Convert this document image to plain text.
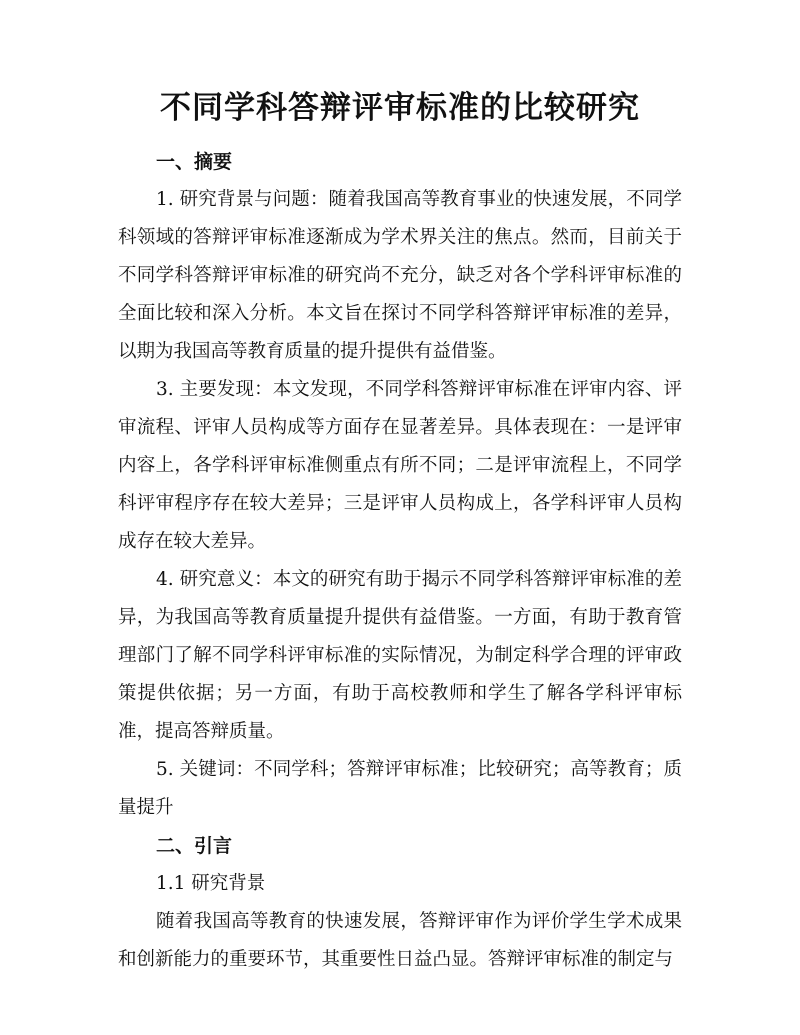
不同学科答辩评审标准的比较研究
一、摘要

1. 研究背景与问题：随着我国高等教育事业的快速发展，不同学科领域的答辩评审标准逐渐成为学术界关注的焦点。然而，目前关于不同学科答辩评审标准的研究尚不充分，缺乏对各个学科评审标准的全面比较和深入分析。本文旨在探讨不同学科答辩评审标准的差异，以期为我国高等教育质量的提升提供有益借鉴。

3. 主要发现：本文发现，不同学科答辩评审标准在评审内容、评审流程、评审人员构成等方面存在显著差异。具体表现在：一是评审内容上，各学科评审标准侧重点有所不同；二是评审流程上，不同学科评审程序存在较大差异；三是评审人员构成上，各学科评审人员构成存在较大差异。

4. 研究意义：本文的研究有助于揭示不同学科答辩评审标准的差异，为我国高等教育质量提升提供有益借鉴。一方面，有助于教育管理部门了解不同学科评审标准的实际情况，为制定科学合理的评审政策提供依据；另一方面，有助于高校教师和学生了解各学科评审标准，提高答辩质量。

5. 关键词：不同学科；答辩评审标准；比较研究；高等教育；质量提升

二、引言

1.1 研究背景

随着我国高等教育的快速发展，答辩评审作为评价学生学术成果和创新能力的重要环节，其重要性日益凸显。答辩评审标准的制定与
